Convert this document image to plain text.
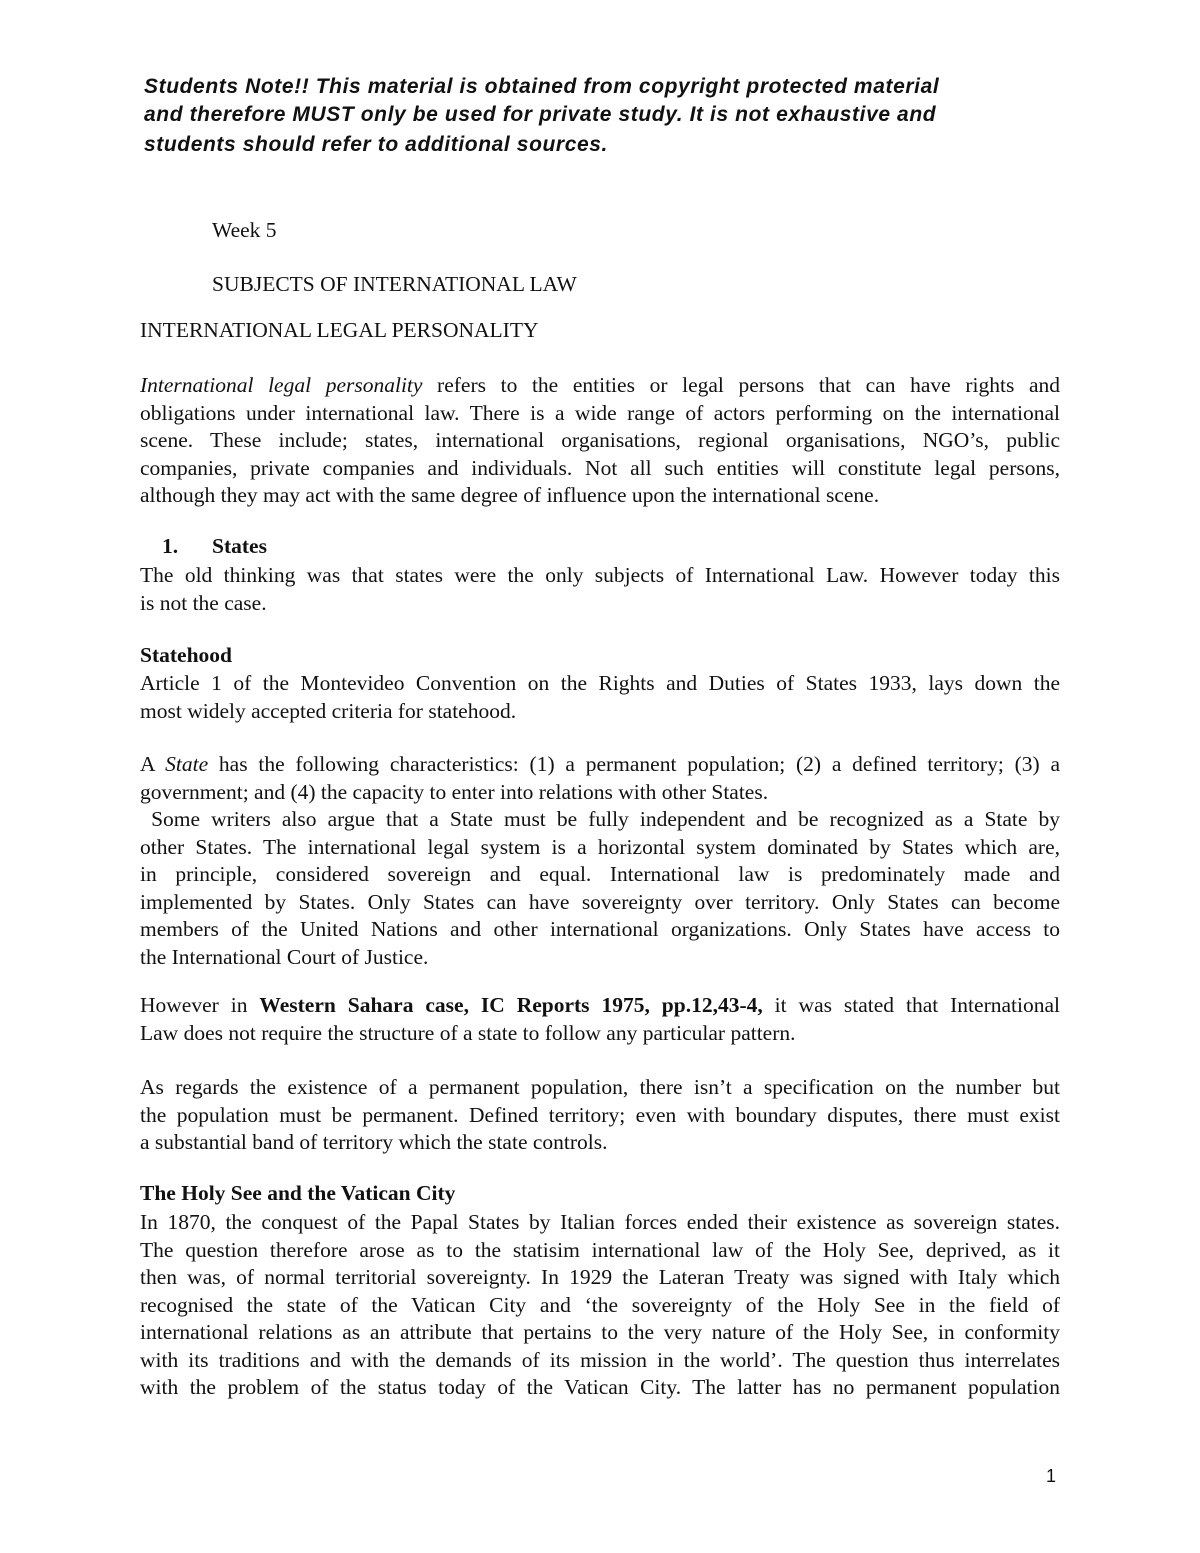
Students Note!! This material is obtained from copyright protected material
and therefore MUST only be used for private study. It is not exhaustive and
students should refer to additional sources.
Week 5
SUBJECTS OF INTERNATIONAL LAW
INTERNATIONAL LEGAL PERSONALITY
International legal personality refers to the entities or legal persons that can have rights and
obligations under international law. There is a wide range of actors performing on the international
scene. These include; states, international organisations, regional organisations, NGO’s, public
companies, private companies and individuals. Not all such entities will constitute legal persons,
although they may act with the same degree of influence upon the international scene.
1. States
The old thinking was that states were the only subjects of International Law. However today this
is not the case.
Statehood
Article 1 of the Montevideo Convention on the Rights and Duties of States 1933, lays down the
most widely accepted criteria for statehood.
A State has the following characteristics: (1) a permanent population; (2) a defined territory; (3) a
government; and (4) the capacity to enter into relations with other States.
Some writers also argue that a State must be fully independent and be recognized as a State by
other States. The international legal system is a horizontal system dominated by States which are,
in principle, considered sovereign and equal. International law is predominately made and
implemented by States. Only States can have sovereignty over territory. Only States can become
members of the United Nations and other international organizations. Only States have access to
the International Court of Justice.
However in Western Sahara case, IC Reports 1975, pp.12,43-4, it was stated that International
Law does not require the structure of a state to follow any particular pattern.
As regards the existence of a permanent population, there isn’t a specification on the number but
the population must be permanent. Defined territory; even with boundary disputes, there must exist
a substantial band of territory which the state controls.
The Holy See and the Vatican City
In 1870, the conquest of the Papal States by Italian forces ended their existence as sovereign states.
The question therefore arose as to the statisim international law of the Holy See, deprived, as it
then was, of normal territorial sovereignty. In 1929 the Lateran Treaty was signed with Italy which
recognised the state of the Vatican City and ‘the sovereignty of the Holy See in the field of
international relations as an attribute that pertains to the very nature of the Holy See, in conformity
with its traditions and with the demands of its mission in the world’. The question thus interrelates
with the problem of the status today of the Vatican City. The latter has no permanent population
1
